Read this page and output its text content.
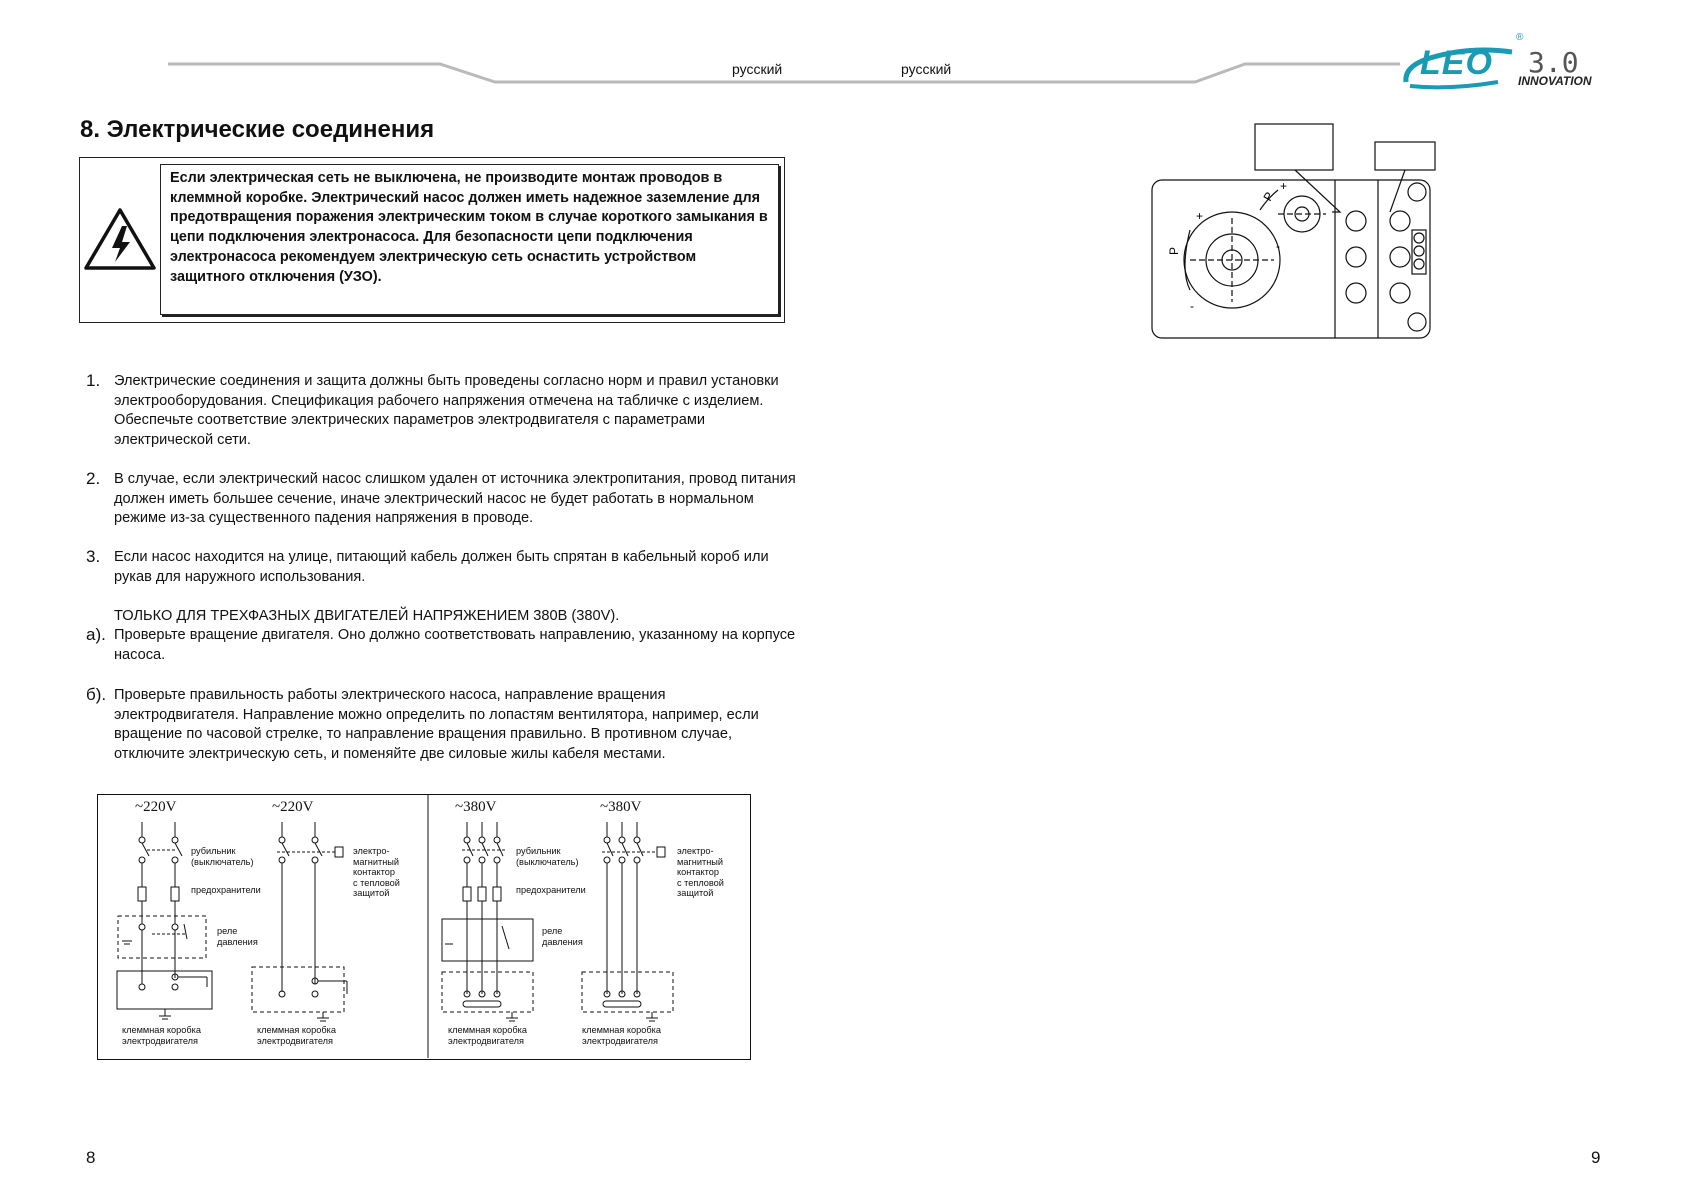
русский	русский	LEO
®
3.0
INNOVATION
8. Электрические соединения
Если электрическая сеть не выключена, не производите монтаж проводов в клеммной коробке. Электрический насос должен иметь надежное заземление для предотвращения поражения электрическим током в случае короткого замыкания в цепи подключения электронасоса. Для безопасности цепи подключения электронасоса рекомендуем электрическую сеть оснастить устройством защитного отключения (УЗО).
1. Электрические соединения и защита должны быть проведены согласно норм и правил установки электрооборудования. Спецификация рабочего напряжения отмечена на табличке с изделием. Обеспечьте соответствие электрических параметров электродвигателя с параметрами электрической сети.
2. В случае, если электрический насос слишком удален от источника электропитания, провод питания должен иметь большее сечение, иначе электрический насос не будет работать в нормальном режиме из-за существенного падения напряжения в проводе.
3. Если насос находится на улице, питающий кабель должен быть спрятан в кабельный короб или рукав для наружного использования.
ТОЛЬКО ДЛЯ ТРЕХФАЗНЫХ ДВИГАТЕЛЕЙ НАПРЯЖЕНИЕМ 380В (380V).
а). Проверьте вращение двигателя. Оно должно соответствовать направлению, указанному на корпусе насоса.
б). Проверьте правильность работы электрического насоса, направление вращения электродвигателя. Направление можно определить по лопастям вентилятора, например, если вращение по часовой стрелке, то направление вращения правильно. В противном случае, отключите электрическую сеть, и поменяйте две силовые жилы кабеля местами.
~220V	~220V	~380V	~380V
рубильник
(выключатель)
предохранители
реле
давления
клеммная коробка
электродвигателя
электро-
магнитный
контактор
с тепловой
защитой
клеммная коробка
электродвигателя
рубильник
(выключатель)
предохранители
реле
давления
клеммная коробка
электродвигателя
электро-
магнитный
контактор
с тепловой
защитой
клеммная коробка
электродвигателя
P
P
+
+
-
-
8	9
